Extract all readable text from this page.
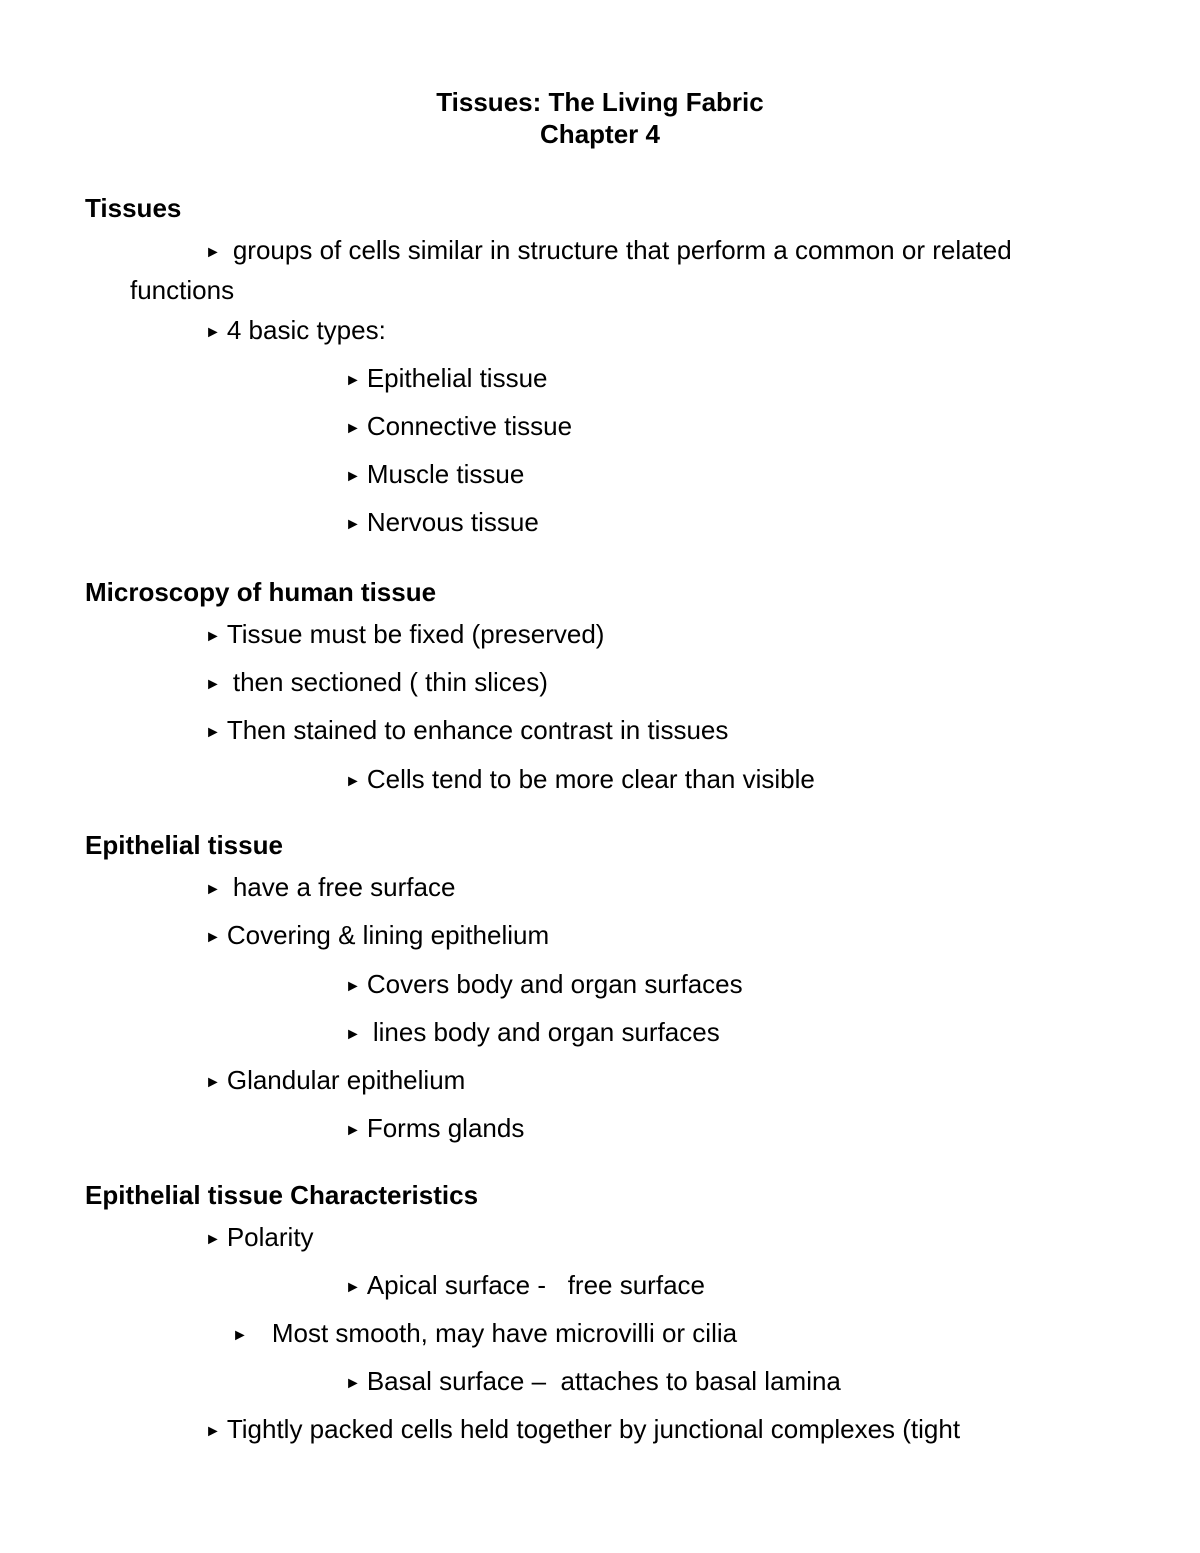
Tissues: The Living Fabric
Chapter 4
Tissues
► groups of cells similar in structure that perform a common or related
functions
► 4 basic types:
► Epithelial tissue
► Connective tissue
► Muscle tissue
► Nervous tissue
Microscopy of human tissue
► Tissue must be fixed (preserved)
► then sectioned ( thin slices)
► Then stained to enhance contrast in tissues
► Cells tend to be more clear than visible
Epithelial tissue
► have a free surface
► Covering & lining epithelium
► Covers body and organ surfaces
► lines body and organ surfaces
► Glandular epithelium
► Forms glands
Epithelial tissue Characteristics
► Polarity
► Apical surface -   free surface
► Most smooth, may have microvilli or cilia
► Basal surface –  attaches to basal lamina
► Tightly packed cells held together by junctional complexes (tight
